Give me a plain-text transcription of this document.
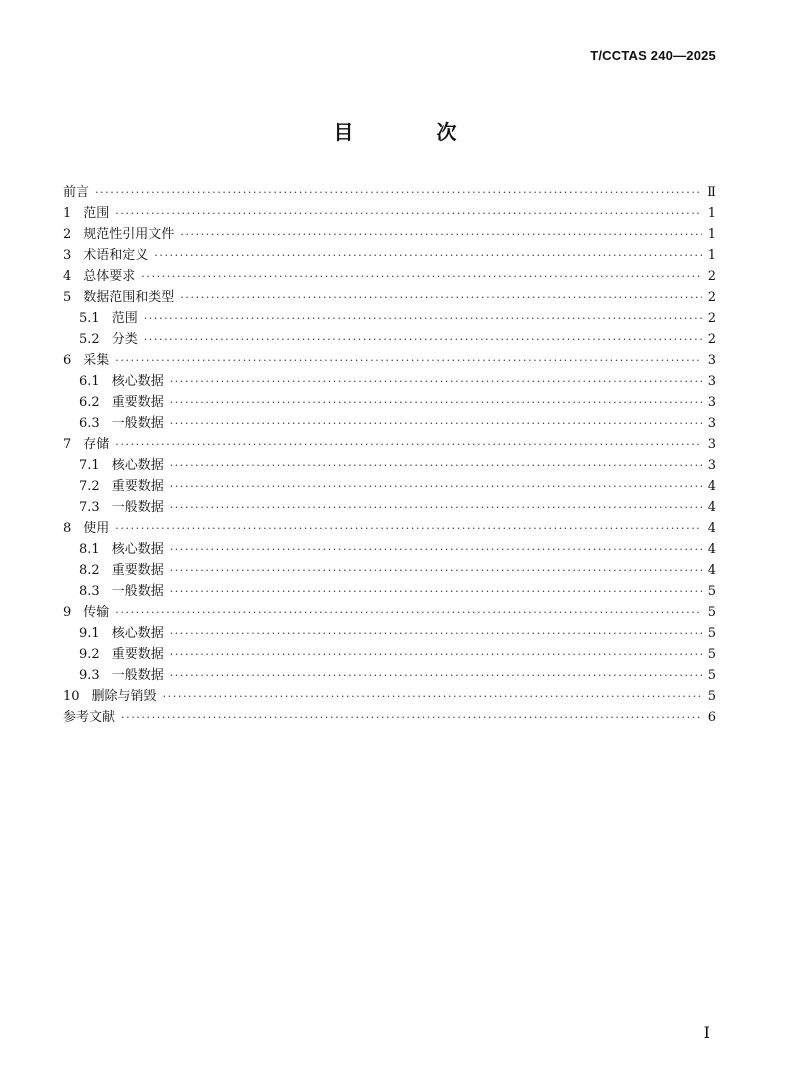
T/CCTAS 240—2025
目 次
前言 ·····	Ⅱ
1 范围 ·····	1
2 规范性引用文件 ·····	1
3 术语和定义 ·····	1
4 总体要求 ·····	2
5 数据范围和类型 ·····	2
5.1 范围 ·····	2
5.2 分类 ·····	2
6 采集 ·····	3
6.1 核心数据 ·····	3
6.2 重要数据 ·····	3
6.3 一般数据 ·····	3
7 存储 ·····	3
7.1 核心数据 ·····	3
7.2 重要数据 ·····	4
7.3 一般数据 ·····	4
8 使用 ·····	4
8.1 核心数据 ·····	4
8.2 重要数据 ·····	4
8.3 一般数据 ·····	5
9 传输 ·····	5
9.1 核心数据 ·····	5
9.2 重要数据 ·····	5
9.3 一般数据 ·····	5
10 删除与销毁 ·····	5
参考文献 ·····	6
I
